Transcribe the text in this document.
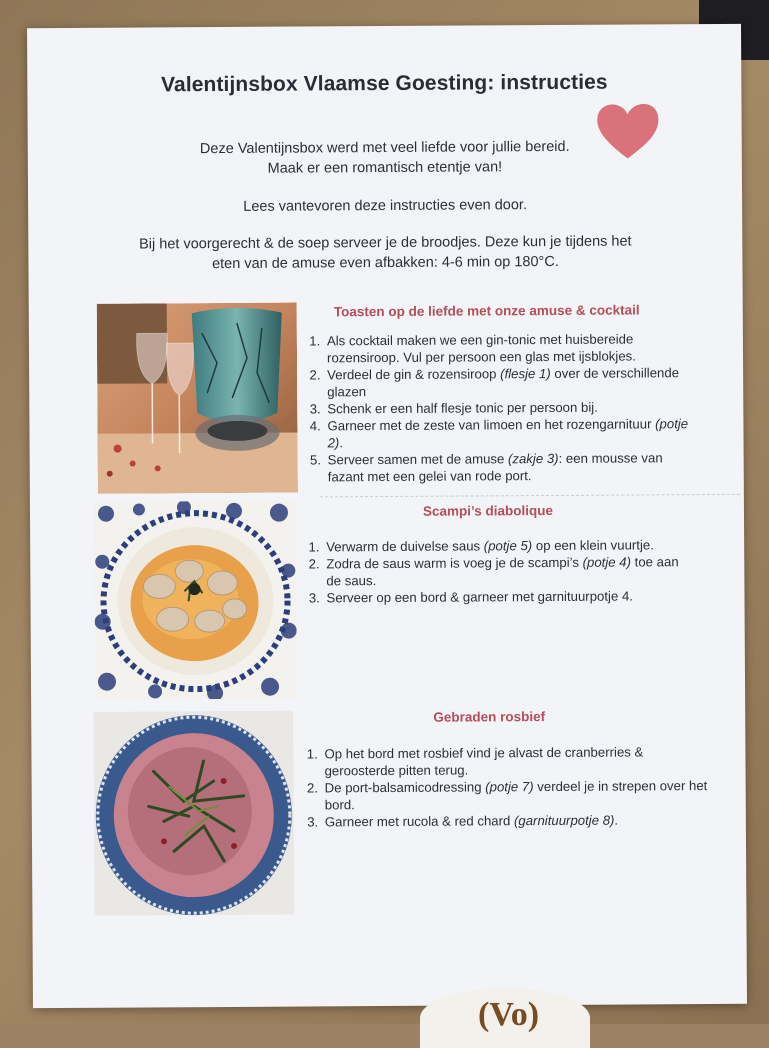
Valentijnsbox Vlaamse Goesting: instructies
Deze Valentijnsbox werd met veel liefde voor jullie bereid.
Maak er een romantisch etentje van!
Lees vantevoren deze instructies even door.
Bij het voorgerecht & de soep serveer je de broodjes. Deze kun je tijdens het
eten van de amuse even afbakken: 4-6 min op 180°C.
Toasten op de liefde met onze amuse & cocktail
1. Als cocktail maken we een gin-tonic met huisbereide rozensiroop. Vul per persoon een glas met ijsblokjes.
2. Verdeel de gin & rozensiroop (flesje 1) over de verschillende glazen
3. Schenk er een half flesje tonic per persoon bij.
4. Garneer met de zeste van limoen en het rozengarnituur (potje 2).
5. Serveer samen met de amuse (zakje 3): een mousse van fazant met een gelei van rode port.
Scampi’s diabolique
1. Verwarm de duivelse saus (potje 5) op een klein vuurtje.
2. Zodra de saus warm is voeg je de scampi’s (potje 4) toe aan de saus.
3. Serveer op een bord & garneer met garnituurpotje 4.
Gebraden rosbief
1. Op het bord met rosbief vind je alvast de cranberries & geroosterde pitten terug.
2. De port-balsamicodressing (potje 7) verdeel je in strepen over het bord.
3. Garneer met rucola & red chard (garnituurpotje 8).
(Vo)
